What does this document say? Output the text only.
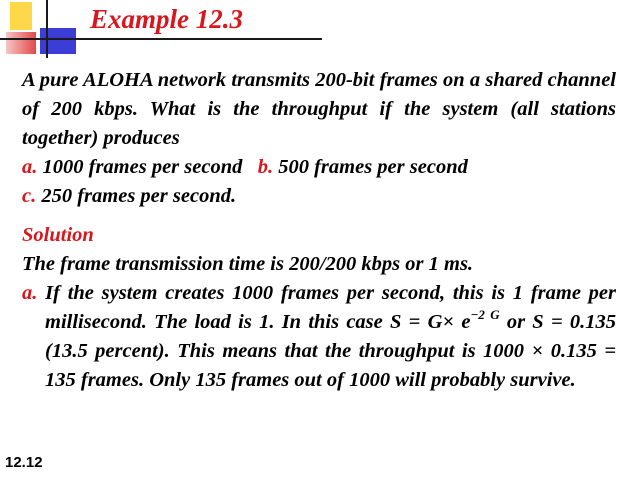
Example 12.3

A pure ALOHA network transmits 200-bit frames on a shared channel of 200 kbps. What is the throughput if the system (all stations together) produces

a. 1000 frames per second b. 500 frames per second

c. 250 frames per second.

Solution

The frame transmission time is 200/200 kbps or 1 ms.

a. If the system creates 1000 frames per second, this is 1 frame per millisecond. The load is 1. In this case $S = G\times e^{-2 G}$ or S = 0.135 (13.5 percent). This means that the throughput is 1000 × 0.135 = 135 frames. Only 135 frames out of 1000 will probably survive.

12.12
